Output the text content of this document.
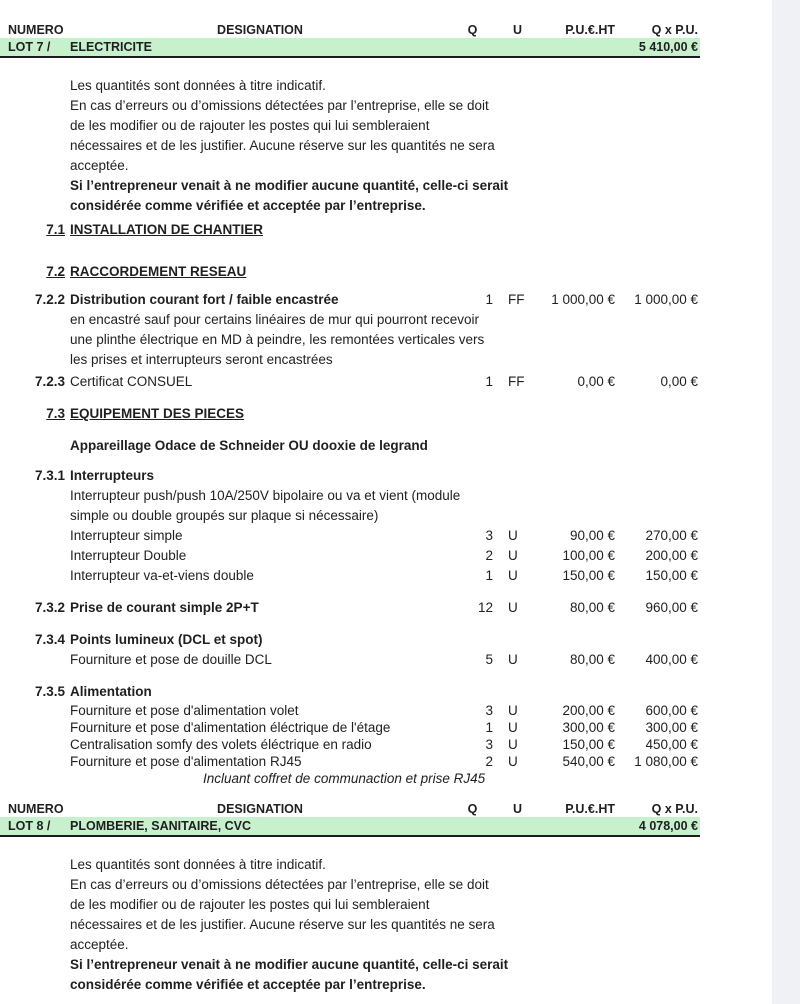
NUMERO	DESIGNATION	Q	U	P.U.€.HT	Q x P.U.
LOT 7 /	ELECTRICITE	5 410,00 €
Les quantités sont données à titre indicatif.
En cas d’erreurs ou d’omissions détectées par l’entreprise, elle se doit
de les modifier ou de rajouter les postes qui lui sembleraient
nécessaires et de les justifier. Aucune réserve sur les quantités ne sera
acceptée.
Si l’entrepreneur venait à ne modifier aucune quantité, celle-ci serait
considérée comme vérifiée et acceptée par l’entreprise.
7.1 INSTALLATION DE CHANTIER
7.2 RACCORDEMENT RESEAU
7.2.2 Distribution courant fort / faible encastrée	1	FF	1 000,00 €	1 000,00 €
en encastré sauf pour certains linéaires de mur qui pourront recevoir
une plinthe électrique en MD à peindre, les remontées verticales vers
les prises et interrupteurs seront encastrées
7.2.3 Certificat CONSUEL	1	FF	0,00 €	0,00 €
7.3 EQUIPEMENT DES PIECES
Appareillage Odace de Schneider OU dooxie de legrand
7.3.1 Interrupteurs
Interrupteur push/push 10A/250V bipolaire ou va et vient (module
simple ou double groupés sur plaque si nécessaire)
Interrupteur simple	3	U	90,00 €	270,00 €
Interrupteur Double	2	U	100,00 €	200,00 €
Interrupteur va-et-viens double	1	U	150,00 €	150,00 €
7.3.2 Prise de courant simple 2P+T	12	U	80,00 €	960,00 €
7.3.4 Points lumineux (DCL et spot)
Fourniture et pose de douille DCL	5	U	80,00 €	400,00 €
7.3.5 Alimentation
Fourniture et pose d'alimentation volet	3	U	200,00 €	600,00 €
Fourniture et pose d'alimentation éléctrique de l'étage	1	U	300,00 €	300,00 €
Centralisation somfy des volets éléctrique en radio	3	U	150,00 €	450,00 €
Fourniture et pose d'alimentation RJ45	2	U	540,00 €	1 080,00 €
Incluant coffret de communaction et prise RJ45
NUMERO	DESIGNATION	Q	U	P.U.€.HT	Q x P.U.
LOT 8 /	PLOMBERIE, SANITAIRE, CVC	4 078,00 €
Les quantités sont données à titre indicatif.
En cas d’erreurs ou d’omissions détectées par l’entreprise, elle se doit
de les modifier ou de rajouter les postes qui lui sembleraient
nécessaires et de les justifier. Aucune réserve sur les quantités ne sera
acceptée.
Si l’entrepreneur venait à ne modifier aucune quantité, celle-ci serait
considérée comme vérifiée et acceptée par l’entreprise.
